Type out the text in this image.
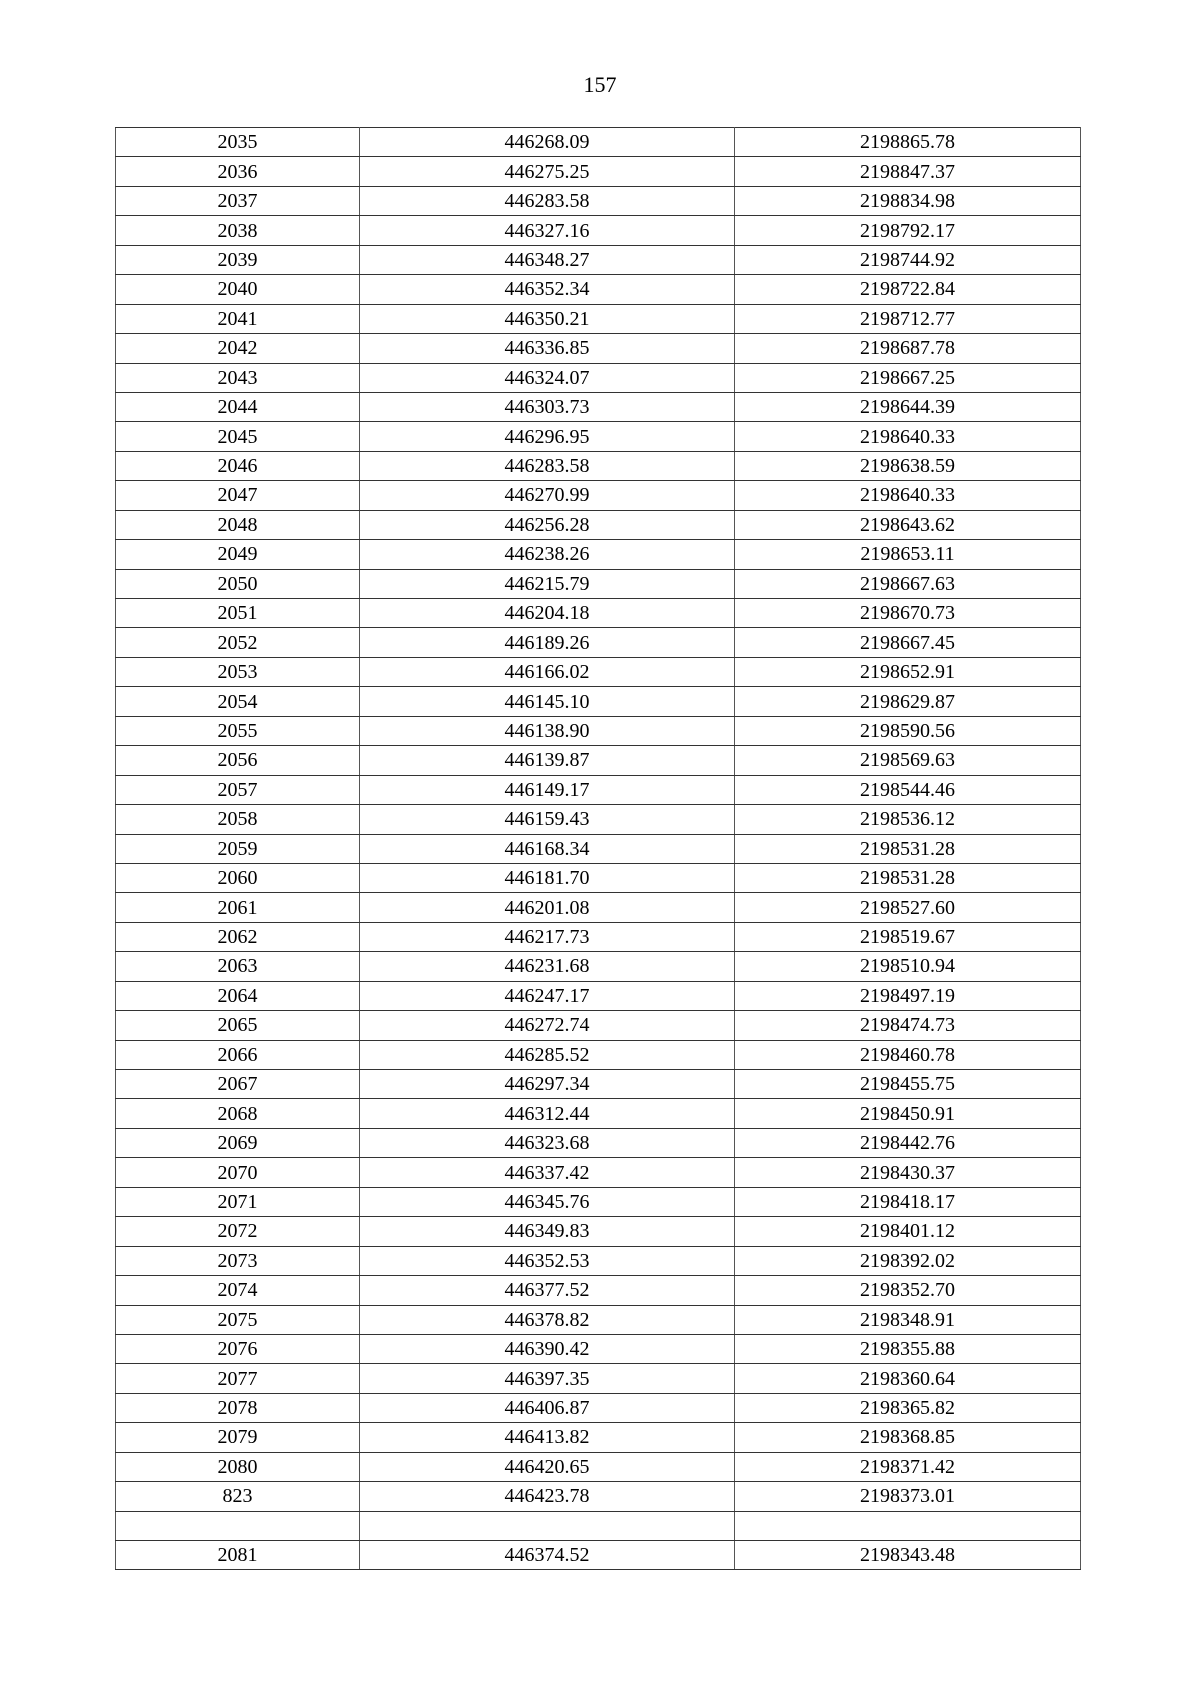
157
2035	446268.09	2198865.78
2036	446275.25	2198847.37
2037	446283.58	2198834.98
2038	446327.16	2198792.17
2039	446348.27	2198744.92
2040	446352.34	2198722.84
2041	446350.21	2198712.77
2042	446336.85	2198687.78
2043	446324.07	2198667.25
2044	446303.73	2198644.39
2045	446296.95	2198640.33
2046	446283.58	2198638.59
2047	446270.99	2198640.33
2048	446256.28	2198643.62
2049	446238.26	2198653.11
2050	446215.79	2198667.63
2051	446204.18	2198670.73
2052	446189.26	2198667.45
2053	446166.02	2198652.91
2054	446145.10	2198629.87
2055	446138.90	2198590.56
2056	446139.87	2198569.63
2057	446149.17	2198544.46
2058	446159.43	2198536.12
2059	446168.34	2198531.28
2060	446181.70	2198531.28
2061	446201.08	2198527.60
2062	446217.73	2198519.67
2063	446231.68	2198510.94
2064	446247.17	2198497.19
2065	446272.74	2198474.73
2066	446285.52	2198460.78
2067	446297.34	2198455.75
2068	446312.44	2198450.91
2069	446323.68	2198442.76
2070	446337.42	2198430.37
2071	446345.76	2198418.17
2072	446349.83	2198401.12
2073	446352.53	2198392.02
2074	446377.52	2198352.70
2075	446378.82	2198348.91
2076	446390.42	2198355.88
2077	446397.35	2198360.64
2078	446406.87	2198365.82
2079	446413.82	2198368.85
2080	446420.65	2198371.42
823	446423.78	2198373.01

2081	446374.52	2198343.48
